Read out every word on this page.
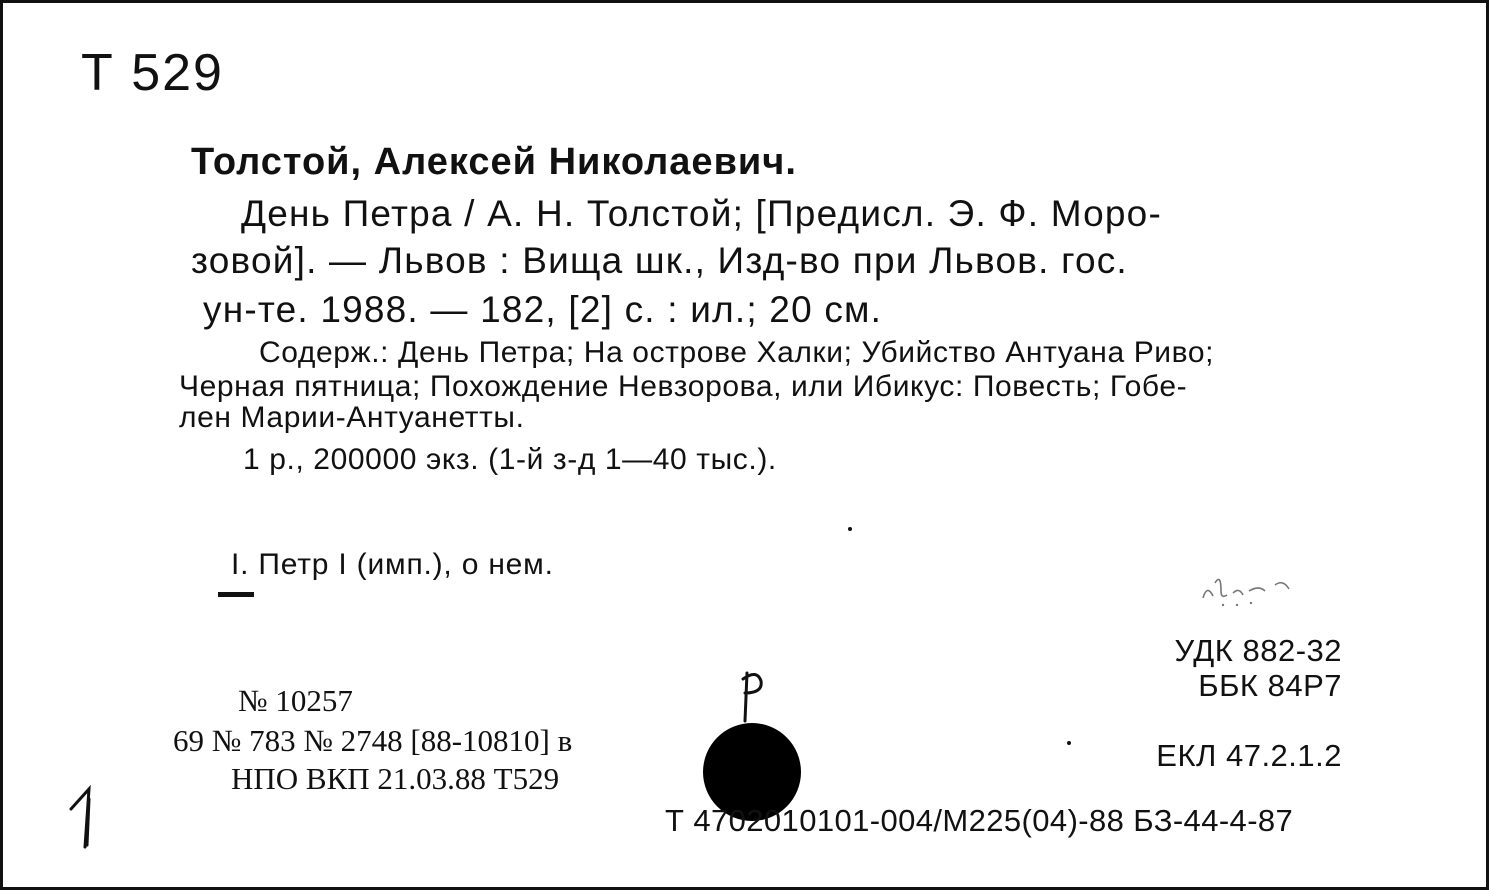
Т 529
Толстой, Алексей Николаевич.
День Петра / А. Н. Толстой; [Предисл. Э. Ф. Моро-
зовой]. — Львов : Вища шк., Изд-во при Львов. гос.
ун-те. 1988. — 182, [2] с. : ил.; 20 см.
Содерж.: День Петра; На острове Халки; Убийство Антуана Риво;
Черная пятница; Похождение Невзорова, или Ибикус: Повесть; Гобе-
лен Марии-Антуанетты.
1 р., 200000 экз. (1-й з-д 1—40 тыс.).
I. Петр I (имп.), о нем.
УДК 882-32
ББК 84Р7
ЕКЛ 47.2.1.2
№ 10257
69 № 783 № 2748 [88-10810] в
НПО ВКП 21.03.88 Т529
Т 4702010101-004/М225(04)-88 БЗ-44-4-87
